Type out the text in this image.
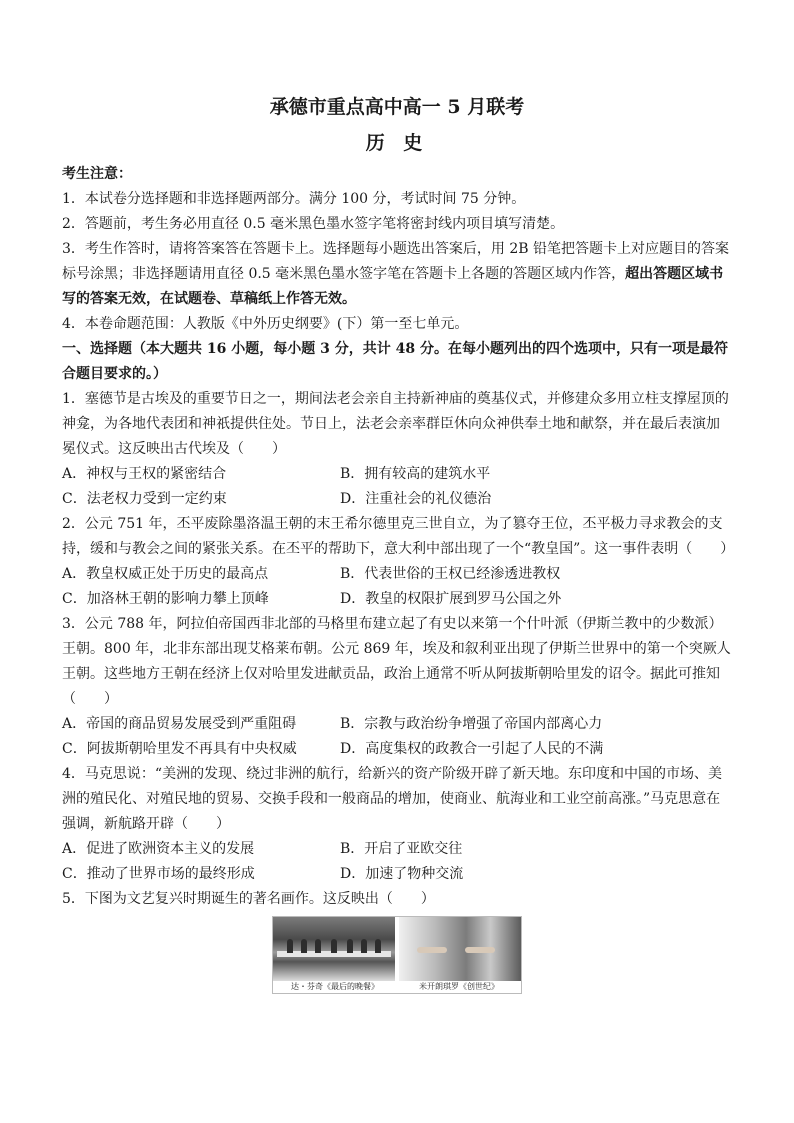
承德市重点高中高一 5 月联考
历 史

考生注意：

1．本试卷分选择题和非选择题两部分。满分 100 分，考试时间 75 分钟。

2．答题前，考生务必用直径 0.5 毫米黑色墨水签字笔将密封线内项目填写清楚。

3．考生作答时，请将答案答在答题卡上。选择题每小题选出答案后，用 2B 铅笔把答题卡上对应题目的答案标号涂黑；非选择题请用直径 0.5 毫米黑色墨水签字笔在答题卡上各题的答题区域内作答，超出答题区域书写的答案无效，在试题卷、草稿纸上作答无效。

4．本卷命题范围：人教版《中外历史纲要》(下）第一至七单元。

一、选择题（本大题共 16 小题，每小题 3 分，共计 48 分。在每小题列出的四个选项中，只有一项是最符合题目要求的。）

1．塞德节是古埃及的重要节日之一，期间法老会亲自主持新神庙的奠基仪式，并修建众多用立柱支撑屋顶的神龛，为各地代表团和神祇提供住处。节日上，法老会亲率群臣休向众神供奉土地和献祭，并在最后表演加冕仪式。这反映出古代埃及（　　）

A．神权与王权的紧密结合	B．拥有较高的建筑水平
C．法老权力受到一定约束	D．注重社会的礼仪德治

2．公元 751 年，丕平废除墨洛温王朝的末王希尔德里克三世自立，为了篡夺王位，丕平极力寻求教会的支持，缓和与教会之间的紧张关系。在丕平的帮助下，意大利中部出现了一个“教皇国”。这一事件表明（　　）

A．教皇权威正处于历史的最高点	B．代表世俗的王权已经渗透进教权
C．加洛林王朝的影响力攀上顶峰	D．教皇的权限扩展到罗马公国之外

3．公元 788 年，阿拉伯帝国西非北部的马格里布建立起了有史以来第一个什叶派（伊斯兰教中的少数派）王朝。800 年，北非东部出现艾格莱布朝。公元 869 年，埃及和叙利亚出现了伊斯兰世界中的第一个突厥人王朝。这些地方王朝在经济上仅对哈里发进献贡品，政治上通常不听从阿拔斯朝哈里发的诏令。据此可推知（　　）

A．帝国的商品贸易发展受到严重阻碍	B．宗教与政治纷争增强了帝国内部离心力
C．阿拔斯朝哈里发不再具有中央权威	D．高度集权的政教合一引起了人民的不满

4．马克思说：“美洲的发现、绕过非洲的航行，给新兴的资产阶级开辟了新天地。东印度和中国的市场、美洲的殖民化、对殖民地的贸易、交换手段和一般商品的增加，使商业、航海业和工业空前高涨。”马克思意在强调，新航路开辟（　　）

A．促进了欧洲资本主义的发展	B．开启了亚欧交往
C．推动了世界市场的最终形成	D．加速了物种交流

5．下图为文艺复兴时期诞生的著名画作。这反映出（　　）

达・芬奇《最后的晚餐》	米开朗琪罗《创世纪》
